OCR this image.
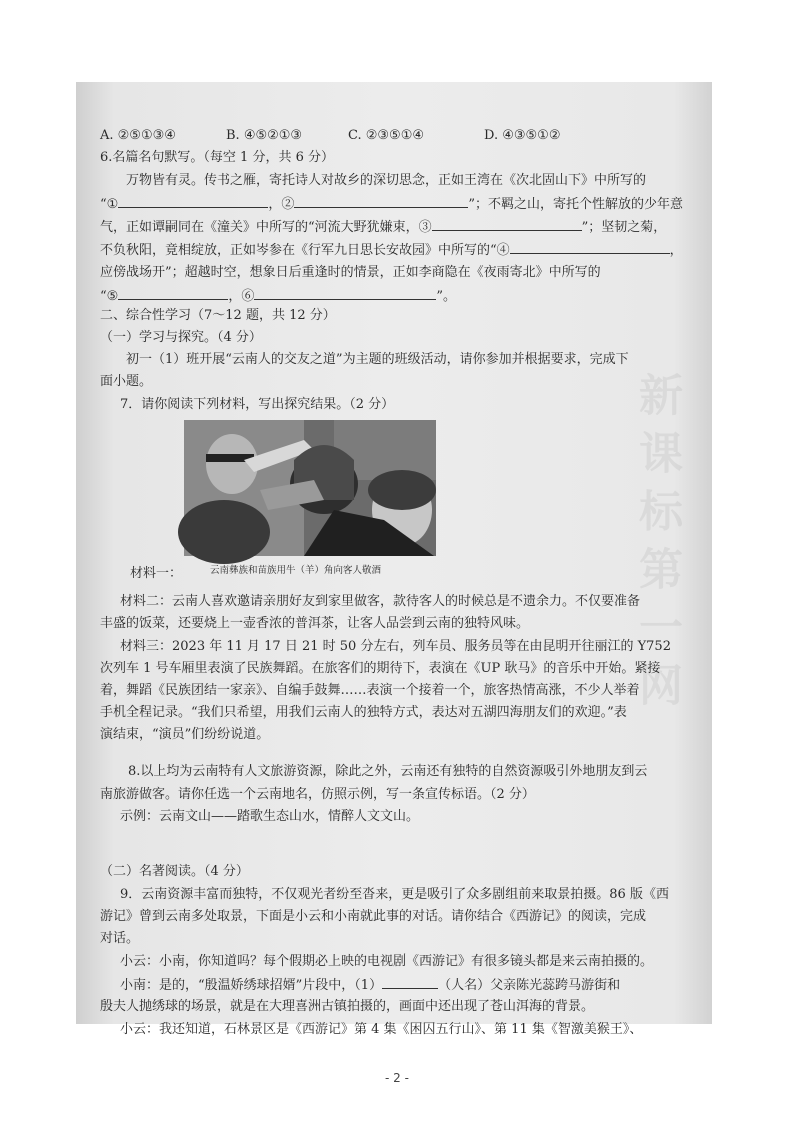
新课标第一网
A. ②⑤①③④	B. ④⑤②①③	C. ②③⑤①④	D. ④③⑤①②
6.名篇名句默写。（每空 1 分，共 6 分）
万物皆有灵。传书之雁，寄托诗人对故乡的深切思念，正如王湾在《次北固山下》中所写的
“①	，②	”；不羁之山，寄托个性解放的少年意
气，正如谭嗣同在《潼关》中所写的“河流大野犹嫌束，③	”；坚韧之菊，
不负秋阳，竟相绽放，正如岑参在《行军九日思长安故园》中所写的“④	，
应傍战场开”；超越时空，想象日后重逢时的情景，正如李商隐在《夜雨寄北》中所写的
“⑤	，⑥	”。
二、综合性学习（7～12 题，共 12 分）
（一）学习与探究。（4 分）
初一（1）班开展“云南人的交友之道”为主题的班级活动，请你参加并根据要求，完成下
面小题。
7．请你阅读下列材料，写出探究结果。（2 分）
云南彝族和苗族用牛（羊）角向客人敬酒
材料一：
材料二：云南人喜欢邀请亲朋好友到家里做客，款待客人的时候总是不遗余力。不仅要准备
丰盛的饭菜，还要烧上一壶香浓的普洱茶，让客人品尝到云南的独特风味。
材料三：2023 年 11 月 17 日 21 时 50 分左右，列车员、服务员等在由昆明开往丽江的 Y752
次列车 1 号车厢里表演了民族舞蹈。在旅客们的期待下，表演在《UP 耿马》的音乐中开始。紧接
着，舞蹈《民族团结一家亲》、自编手鼓舞……表演一个接着一个，旅客热情高涨，不少人举着
手机全程记录。“我们只希望，用我们云南人的独特方式，表达对五湖四海朋友们的欢迎。”表
演结束，“演员”们纷纷说道。
8.以上均为云南特有人文旅游资源，除此之外，云南还有独特的自然资源吸引外地朋友到云
南旅游做客。请你任选一个云南地名，仿照示例，写一条宣传标语。（2 分）
示例：云南文山——踏歌生态山水，情醉人文文山。
（二）名著阅读。（4 分）
9．云南资源丰富而独特，不仅观光者纷至沓来，更是吸引了众多剧组前来取景拍摄。86 版《西
游记》曾到云南多处取景，下面是小云和小南就此事的对话。请你结合《西游记》的阅读，完成
对话。
小云：小南，你知道吗？每个假期必上映的电视剧《西游记》有很多镜头都是来云南拍摄的。
小南：是的，“殷温娇绣球招婿”片段中，（1）	（人名）父亲陈光蕊跨马游街和
殷夫人抛绣球的场景，就是在大理喜洲古镇拍摄的，画面中还出现了苍山洱海的背景。
小云：我还知道，石林景区是《西游记》第 4 集《困囚五行山》、第 11 集《智激美猴王》、
- 2 -
